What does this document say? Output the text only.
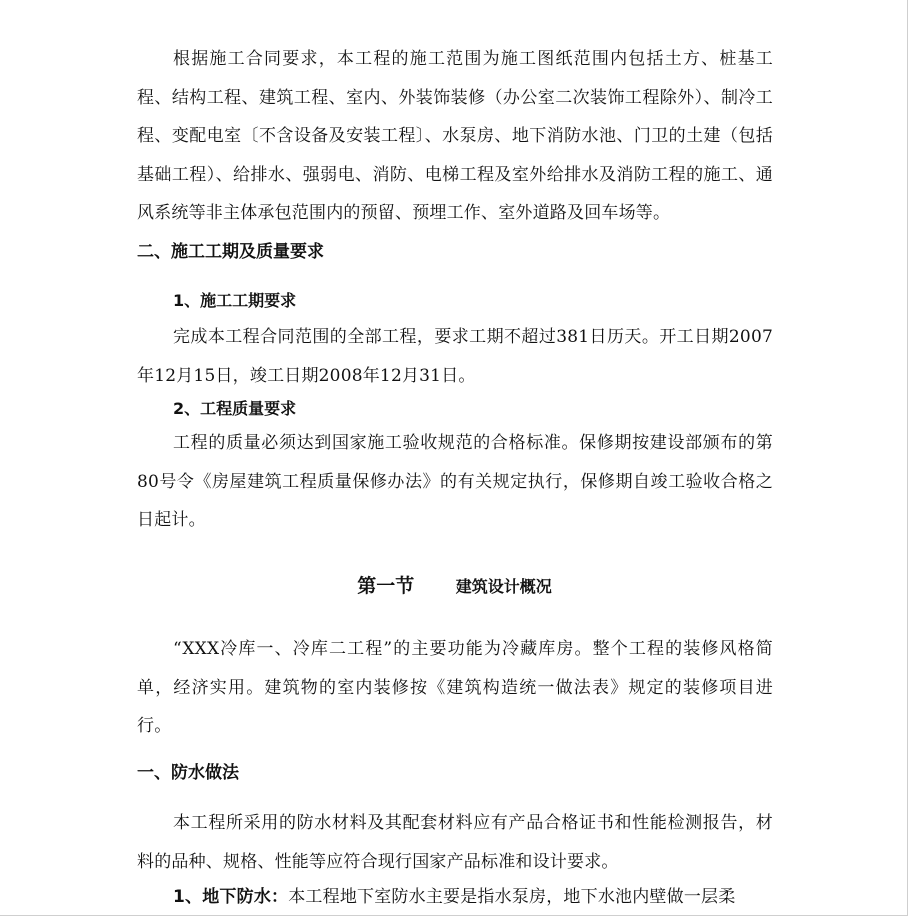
根据施工合同要求，本工程的施工范围为施工图纸范围内包括土方、桩基工程、结构工程、建筑工程、室内、外装饰装修（办公室二次装饰工程除外）、制冷工程、变配电室〔不含设备及安装工程〕、水泵房、地下消防水池、门卫的土建（包括基础工程）、给排水、强弱电、消防、电梯工程及室外给排水及消防工程的施工、通风系统等非主体承包范围内的预留、预埋工作、室外道路及回车场等。

二、施工工期及质量要求
1、施工工期要求

完成本工程合同范围的全部工程，要求工期不超过381日历天。开工日期2007年12月15日，竣工日期2008年12月31日。

2、工程质量要求

工程的质量必须达到国家施工验收规范的合格标准。保修期按建设部颁布的第80号令《房屋建筑工程质量保修办法》的有关规定执行，保修期自竣工验收合格之日起计。

第一节	建筑设计概况

“XXX冷库一、冷库二工程”的主要功能为冷藏库房。整个工程的装修风格简单，经济实用。建筑物的室内装修按《建筑构造统一做法表》规定的装修项目进行。

一、防水做法

本工程所采用的防水材料及其配套材料应有产品合格证书和性能检测报告，材料的品种、规格、性能等应符合现行国家产品标准和设计要求。

1、地下防水：本工程地下室防水主要是指水泵房，地下水池内壁做一层柔
